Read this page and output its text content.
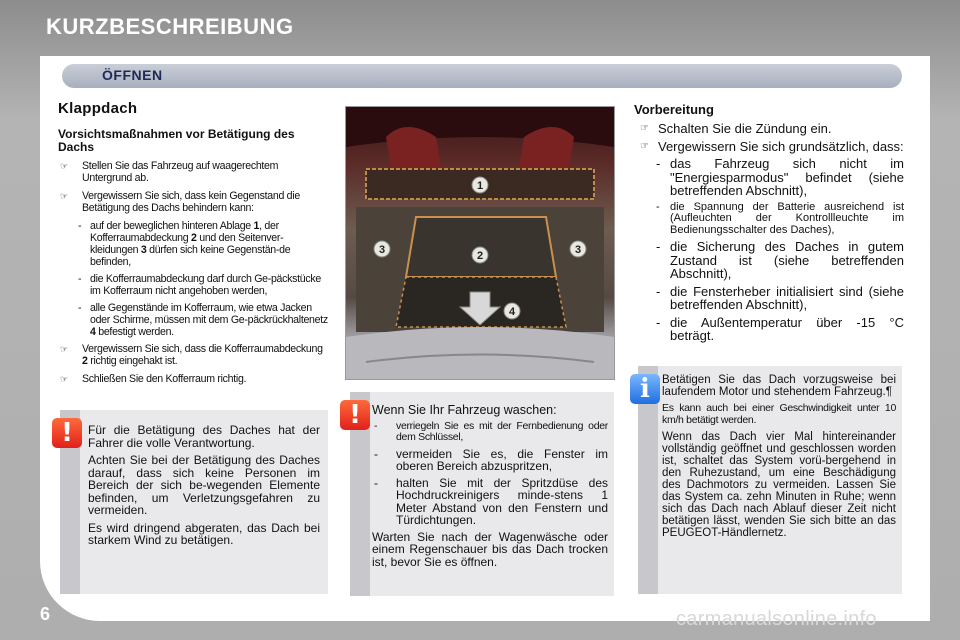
KURZBESCHREIBUNG
ÖFFNEN
Klappdach
Vorsichtsmaßnahmen vor Betätigung des Dachs
☞ Stellen Sie das Fahrzeug auf waagerechtem Untergrund ab.
☞ Vergewissern Sie sich, dass kein Gegenstand die Betätigung des Dachs behindern kann:
- auf der beweglichen hinteren Ablage 1, der Kofferraumabdeckung 2 und den Seitenver-kleidungen 3 dürfen sich keine Gegenstän-de befinden,
- die Kofferraumabdeckung darf durch Ge-päckstücke im Kofferraum nicht angehoben werden,
- alle Gegenstände im Kofferraum, wie etwa Jacken oder Schirme, müssen mit dem Ge-päckrückhaltenetz 4 befestigt werden.
☞ Vergewissern Sie sich, dass die Kofferraumabdeckung 2 richtig eingehakt ist.
☞ Schließen Sie den Kofferraum richtig.
!	Für die Betätigung des Daches hat der Fahrer die volle Verantwortung.

Achten Sie bei der Betätigung des Daches darauf, dass sich keine Personen im Bereich der sich be-wegenden Elemente befinden, um Verletzungsgefahren zu vermeiden.

Es wird dringend abgeraten, das Dach bei starkem Wind zu betätigen.

1
2
3	3
4
! Wenn Sie Ihr Fahrzeug waschen:
- verriegeln Sie es mit der Fernbedienung oder dem Schlüssel,
- vermeiden Sie es, die Fenster im oberen Bereich abzuspritzen,
- halten Sie mit der Spritzdüse des Hochdruckreinigers minde-stens 1 Meter Abstand von den Fenstern und Türdichtungen.

Warten Sie nach der Wagenwäsche oder einem Regenschauer bis das Dach trocken ist, bevor Sie es öffnen.

Vorbereitung
☞ Schalten Sie die Zündung ein.
☞ Vergewissern Sie sich grundsätzlich, dass:
- das Fahrzeug sich nicht im "Energiesparmodus" befindet (siehe betreffenden Abschnitt),
- die Spannung der Batterie ausreichend ist (Aufleuchten der Kontrollleuchte im Bedienungsschalter des Daches),
- die Sicherung des Daches in gutem Zustand ist (siehe betreffenden Abschnitt),
- die Fensterheber initialisiert sind (siehe betreffenden Abschnitt),
- die Außentemperatur über -15 °C beträgt.
i	Betätigen Sie das Dach vorzugsweise bei laufendem Motor und stehendem Fahrzeug.¶

Es kann auch bei einer Geschwindigkeit unter 10 km/h betätigt werden.

Wenn das Dach vier Mal hintereinander vollständig geöffnet und geschlossen worden ist, schaltet das System vorü-bergehend in den Ruhezustand, um eine Beschädigung des Dachmotors zu vermeiden. Lassen Sie das System ca. zehn Minuten in Ruhe; wenn sich das Dach nach Ablauf dieser Zeit nicht betätigen lässt, wenden Sie sich bitte an das PEUGEOT-Händlernetz.

6	carmanualsonline.info
